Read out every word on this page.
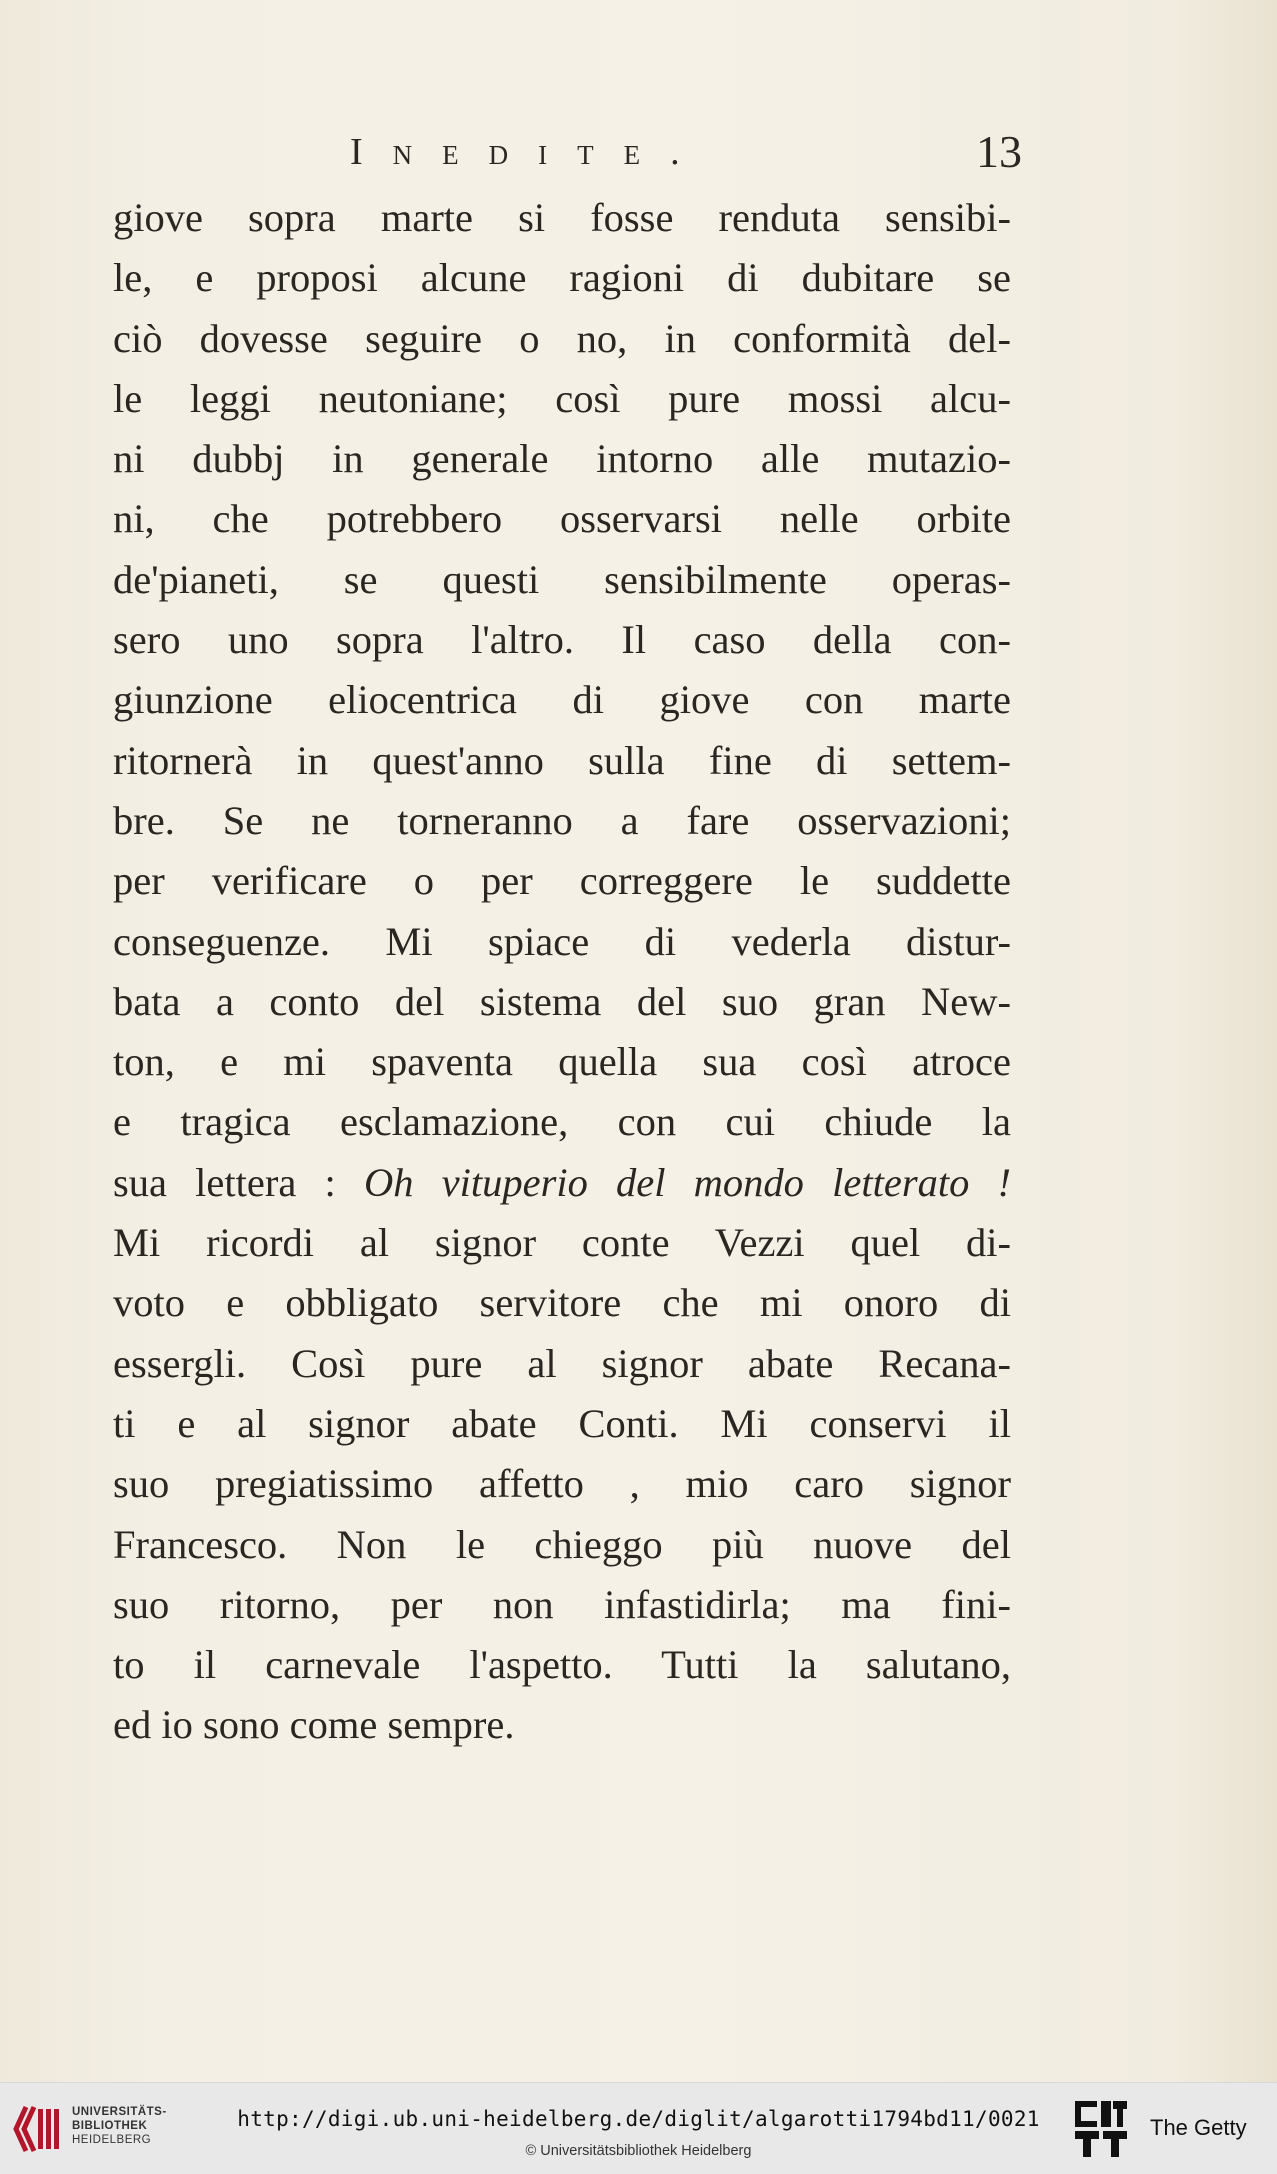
Inedite.	13
giove sopra marte si fosse renduta sensibi-
le, e proposi alcune ragioni di dubitare se
ciò dovesse seguire o no, in conformità del-
le leggi neutoniane; così pure mossi alcu-
ni dubbj in generale intorno alle mutazio-
ni, che potrebbero osservarsi nelle orbite
de'pianeti, se questi sensibilmente operas-
sero uno sopra l'altro. Il caso della con-
giunzione eliocentrica di giove con marte
ritornerà in quest'anno sulla fine di settem-
bre. Se ne torneranno a fare osservazioni;
per verificare o per correggere le suddette
conseguenze. Mi spiace di vederla distur-
bata a conto del sistema del suo gran New-
ton, e mi spaventa quella sua così atroce
e tragica esclamazione, con cui chiude la
sua lettera : Oh vituperio del mondo letterato !
Mi ricordi al signor conte Vezzi quel di-
voto e obbligato servitore che mi onoro di
essergli. Così pure al signor abate Recana-
ti e al signor abate Conti. Mi conservi il
suo pregiatissimo affetto , mio caro signor
Francesco. Non le chieggo più nuove del
suo ritorno, per non infastidirla; ma fini-
to il carnevale l'aspetto. Tutti la salutano,
ed io sono come sempre.
UNIVERSITÄTS-
BIBLIOTHEK
HEIDELBERG
http://digi.ub.uni-heidelberg.de/diglit/algarotti1794bd11/0021
© Universitätsbibliothek Heidelberg
The Getty
